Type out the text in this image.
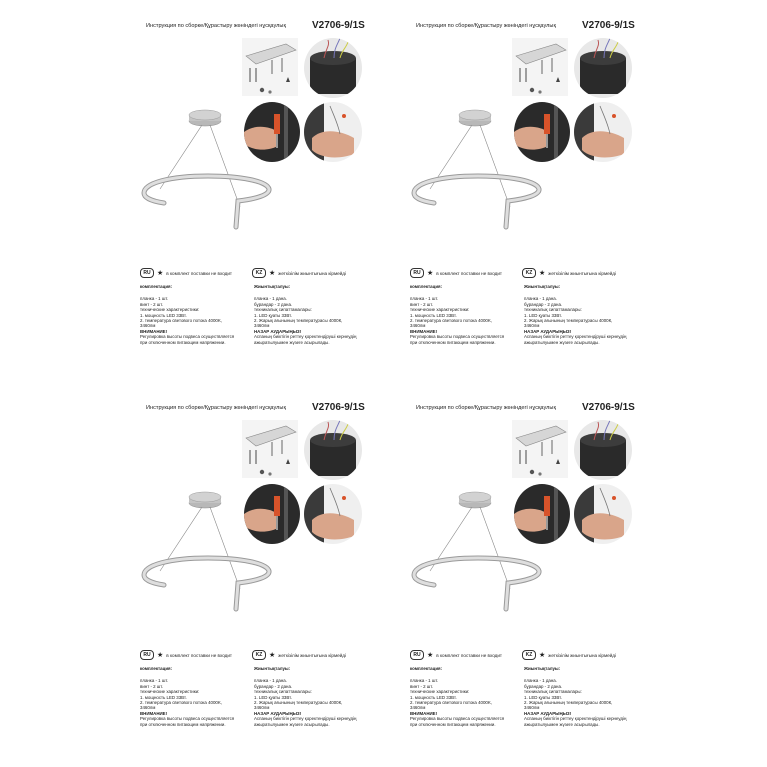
Инструкция по сборке/Құрастыру жөніндегі нұсқаулық	V2706-9/1S
RU ★ в комплект поставки не входит	KZ ★ жеткізілім жиынтығына кірмейді

комплектация:

планка - 1 шт.

винт - 2 шт.

технические характеристики:

1. мощность LED 33Вт.

2. температура светового потока 4000K,

3460лм

ВНИМАНИЕ!

Регулировка высоты подвеса осуществляется

при отключенном питающем напряжении.

Жиынтықталуы:

планка - 1 дана.

бұрандар - 2 дана.

техникалық сипаттамалары:

1. LED қуаты 33Вт.

2. Жарық ағынының температурасы 4000К,

3460лм

НАЗАР АУДАРЫҢЫЗ!

Аспаның биіктігін реттеу қоректендіруші кернеудің

ажыратылуымен жүзеге асырылады.

Инструкция по сборке/Құрастыру жөніндегі нұсқаулық	V2706-9/1S
RU ★ в комплект поставки не входит	KZ ★ жеткізілім жиынтығына кірмейді

комплектация:

планка - 1 шт.

винт - 2 шт.

технические характеристики:

1. мощность LED 33Вт.

2. температура светового потока 4000K,

3460лм

ВНИМАНИЕ!

Регулировка высоты подвеса осуществляется

при отключенном питающем напряжении.

Жиынтықталуы:

планка - 1 дана.

бұрандар - 2 дана.

техникалық сипаттамалары:

1. LED қуаты 33Вт.

2. Жарық ағынының температурасы 4000К,

3460лм

НАЗАР АУДАРЫҢЫЗ!

Аспаның биіктігін реттеу қоректендіруші кернеудің

ажыратылуымен жүзеге асырылады.

Инструкция по сборке/Құрастыру жөніндегі нұсқаулық	V2706-9/1S
RU ★ в комплект поставки не входит	KZ ★ жеткізілім жиынтығына кірмейді

комплектация:

планка - 1 шт.

винт - 2 шт.

технические характеристики:

1. мощность LED 33Вт.

2. температура светового потока 4000K,

3460лм

ВНИМАНИЕ!

Регулировка высоты подвеса осуществляется

при отключенном питающем напряжении.

Жиынтықталуы:

планка - 1 дана.

бұрандар - 2 дана.

техникалық сипаттамалары:

1. LED қуаты 33Вт.

2. Жарық ағынының температурасы 4000К,

3460лм

НАЗАР АУДАРЫҢЫЗ!

Аспаның биіктігін реттеу қоректендіруші кернеудің

ажыратылуымен жүзеге асырылады.

Инструкция по сборке/Құрастыру жөніндегі нұсқаулық	V2706-9/1S
RU ★ в комплект поставки не входит	KZ ★ жеткізілім жиынтығына кірмейді

комплектация:

планка - 1 шт.

винт - 2 шт.

технические характеристики:

1. мощность LED 33Вт.

2. температура светового потока 4000K,

3460лм

ВНИМАНИЕ!

Регулировка высоты подвеса осуществляется

при отключенном питающем напряжении.

Жиынтықталуы:

планка - 1 дана.

бұрандар - 2 дана.

техникалық сипаттамалары:

1. LED қуаты 33Вт.

2. Жарық ағынының температурасы 4000К,

3460лм

НАЗАР АУДАРЫҢЫЗ!

Аспаның биіктігін реттеу қоректендіруші кернеудің

ажыратылуымен жүзеге асырылады.
